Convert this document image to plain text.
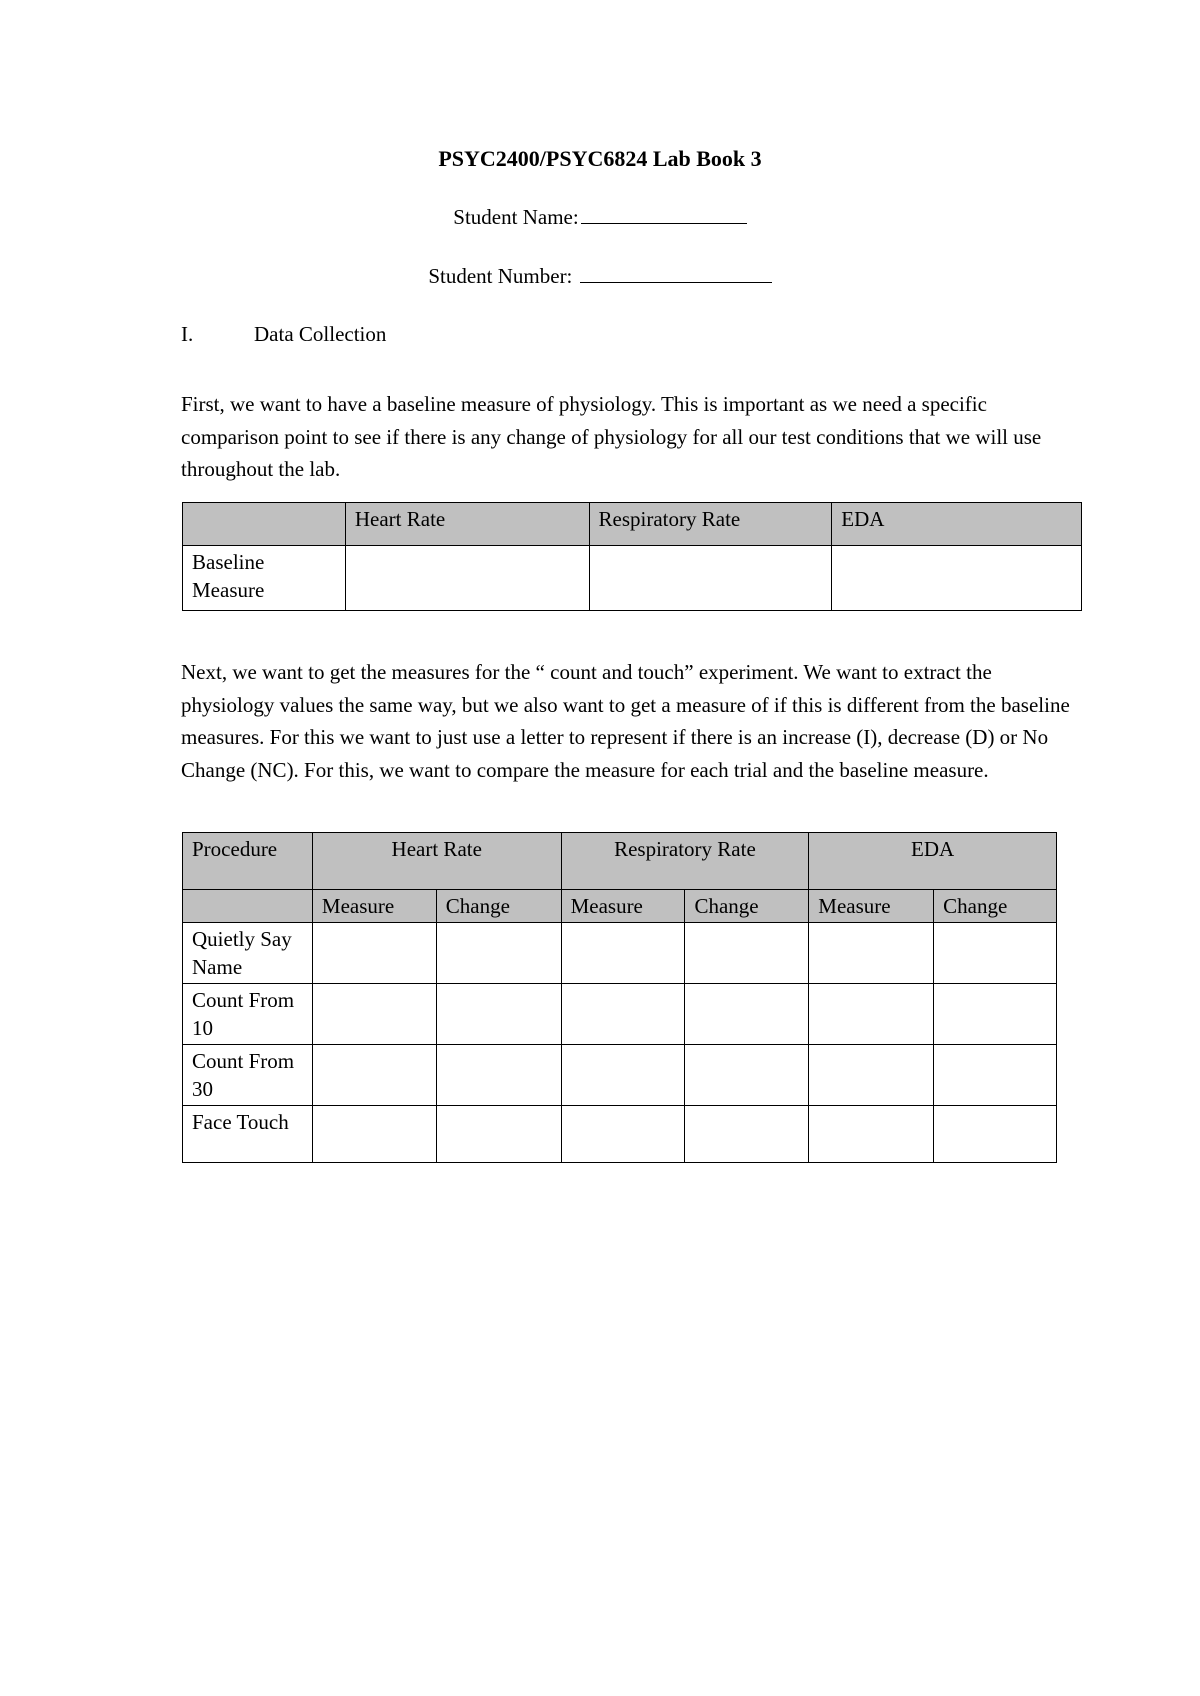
PSYC2400/PSYC6824 Lab Book 3
Student Name:
Student Number:
I.	Data Collection
First, we want to have a baseline measure of physiology. This is important as we need a specific comparison point to see if there is any change of physiology for all our test conditions that we will use throughout the lab.
	Heart Rate	Respiratory Rate	EDA
Baseline Measure			
Next, we want to get the measures for the “ count and touch” experiment. We want to extract the physiology values the same way, but we also want to get a measure of if this is different from the baseline measures. For this we want to just use a letter to represent if there is an increase (I), decrease (D) or No Change (NC). For this, we want to compare the measure for each trial and the baseline measure.
Procedure	Heart Rate		Respiratory Rate		EDA	
	Measure	Change	Measure	Change	Measure	Change
Quietly Say Name						
Count From 10						
Count From 30						
Face Touch						
